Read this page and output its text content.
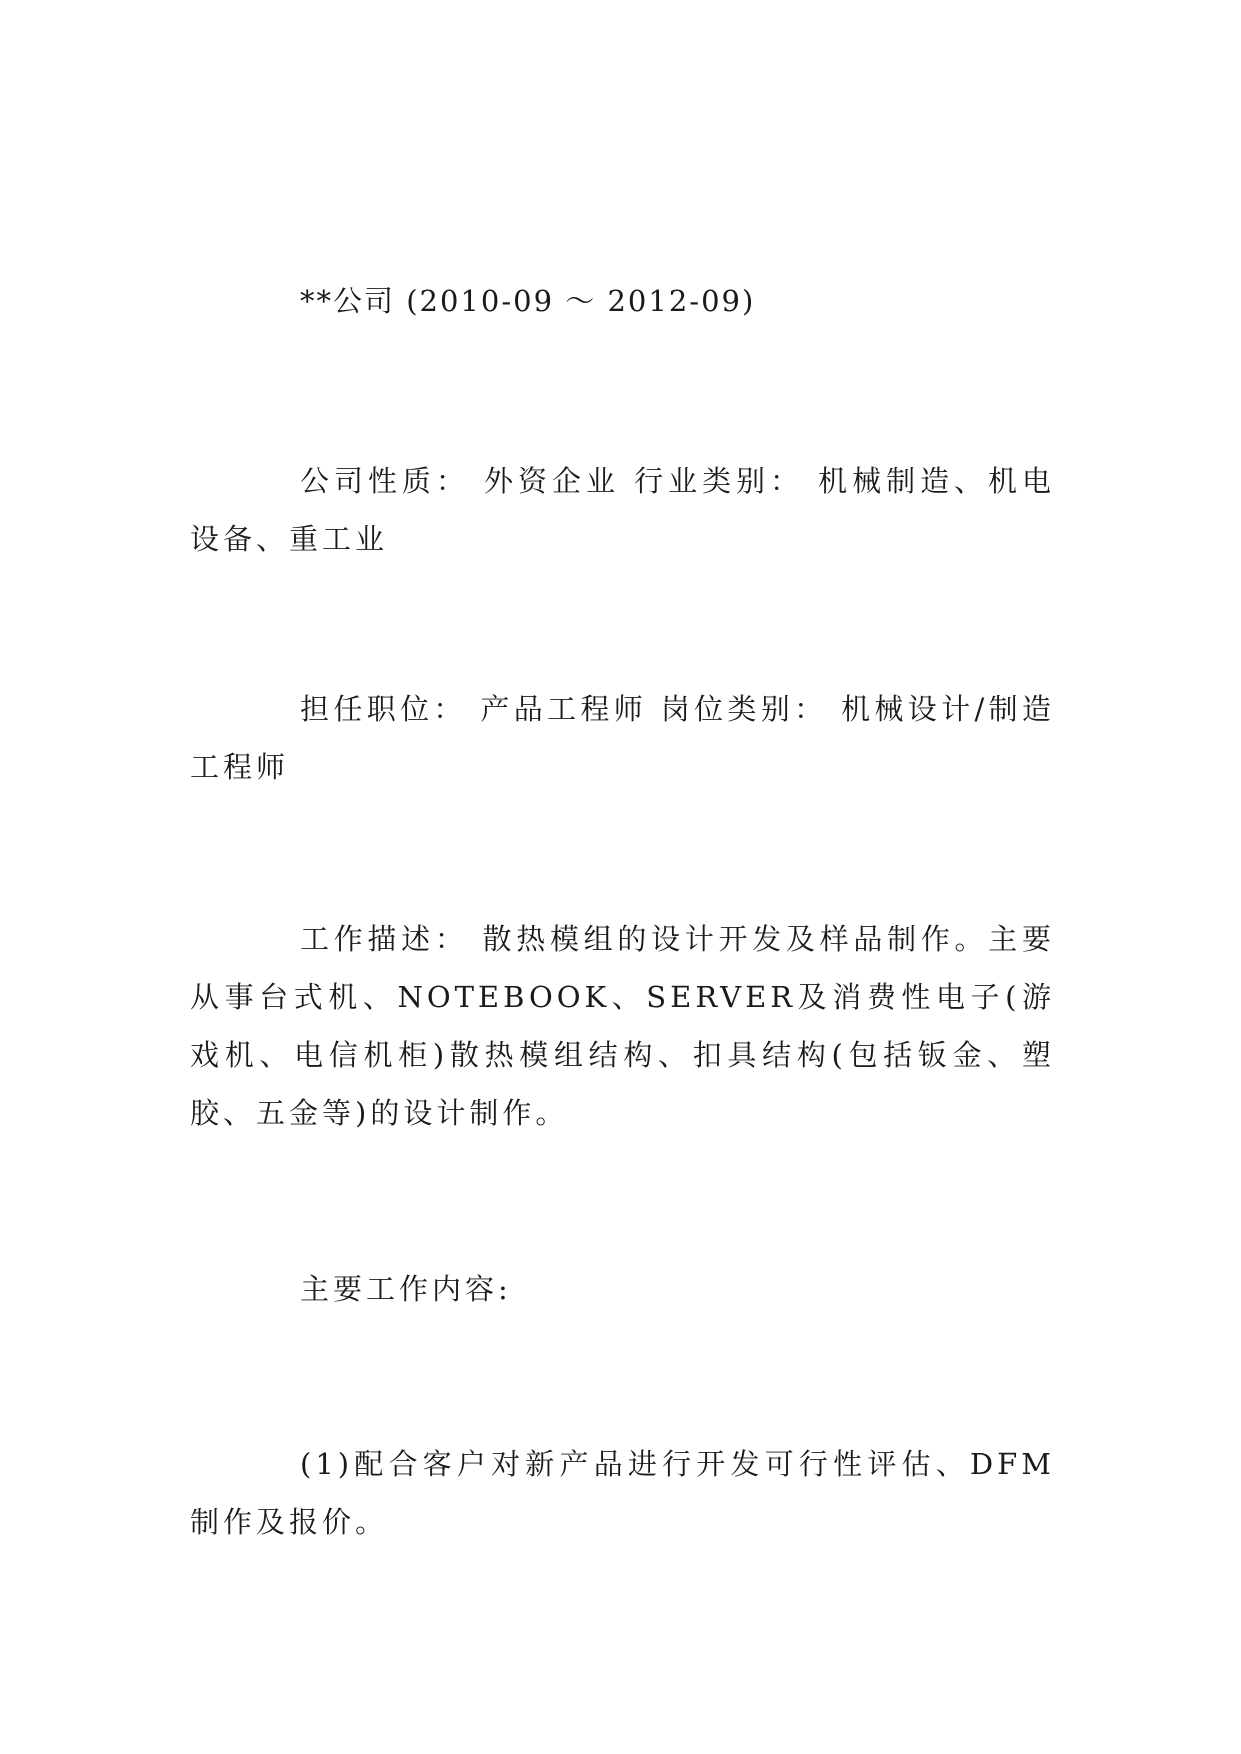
**公司 (2010-09 ～ 2012-09)

公司性质： 外资企业 行业类别： 机械制造、机电设备、重工业

担任职位： 产品工程师 岗位类别： 机械设计/制造工程师

工作描述： 散热模组的设计开发及样品制作。主要从事台式机、NOTEBOOK、SERVER及消费性电子(游戏机、电信机柜)散热模组结构、扣具结构(包括钣金、塑胶、五金等)的设计制作。

主要工作内容:

(1)配合客户对新产品进行开发可行性评估、DFM制作及报价。
